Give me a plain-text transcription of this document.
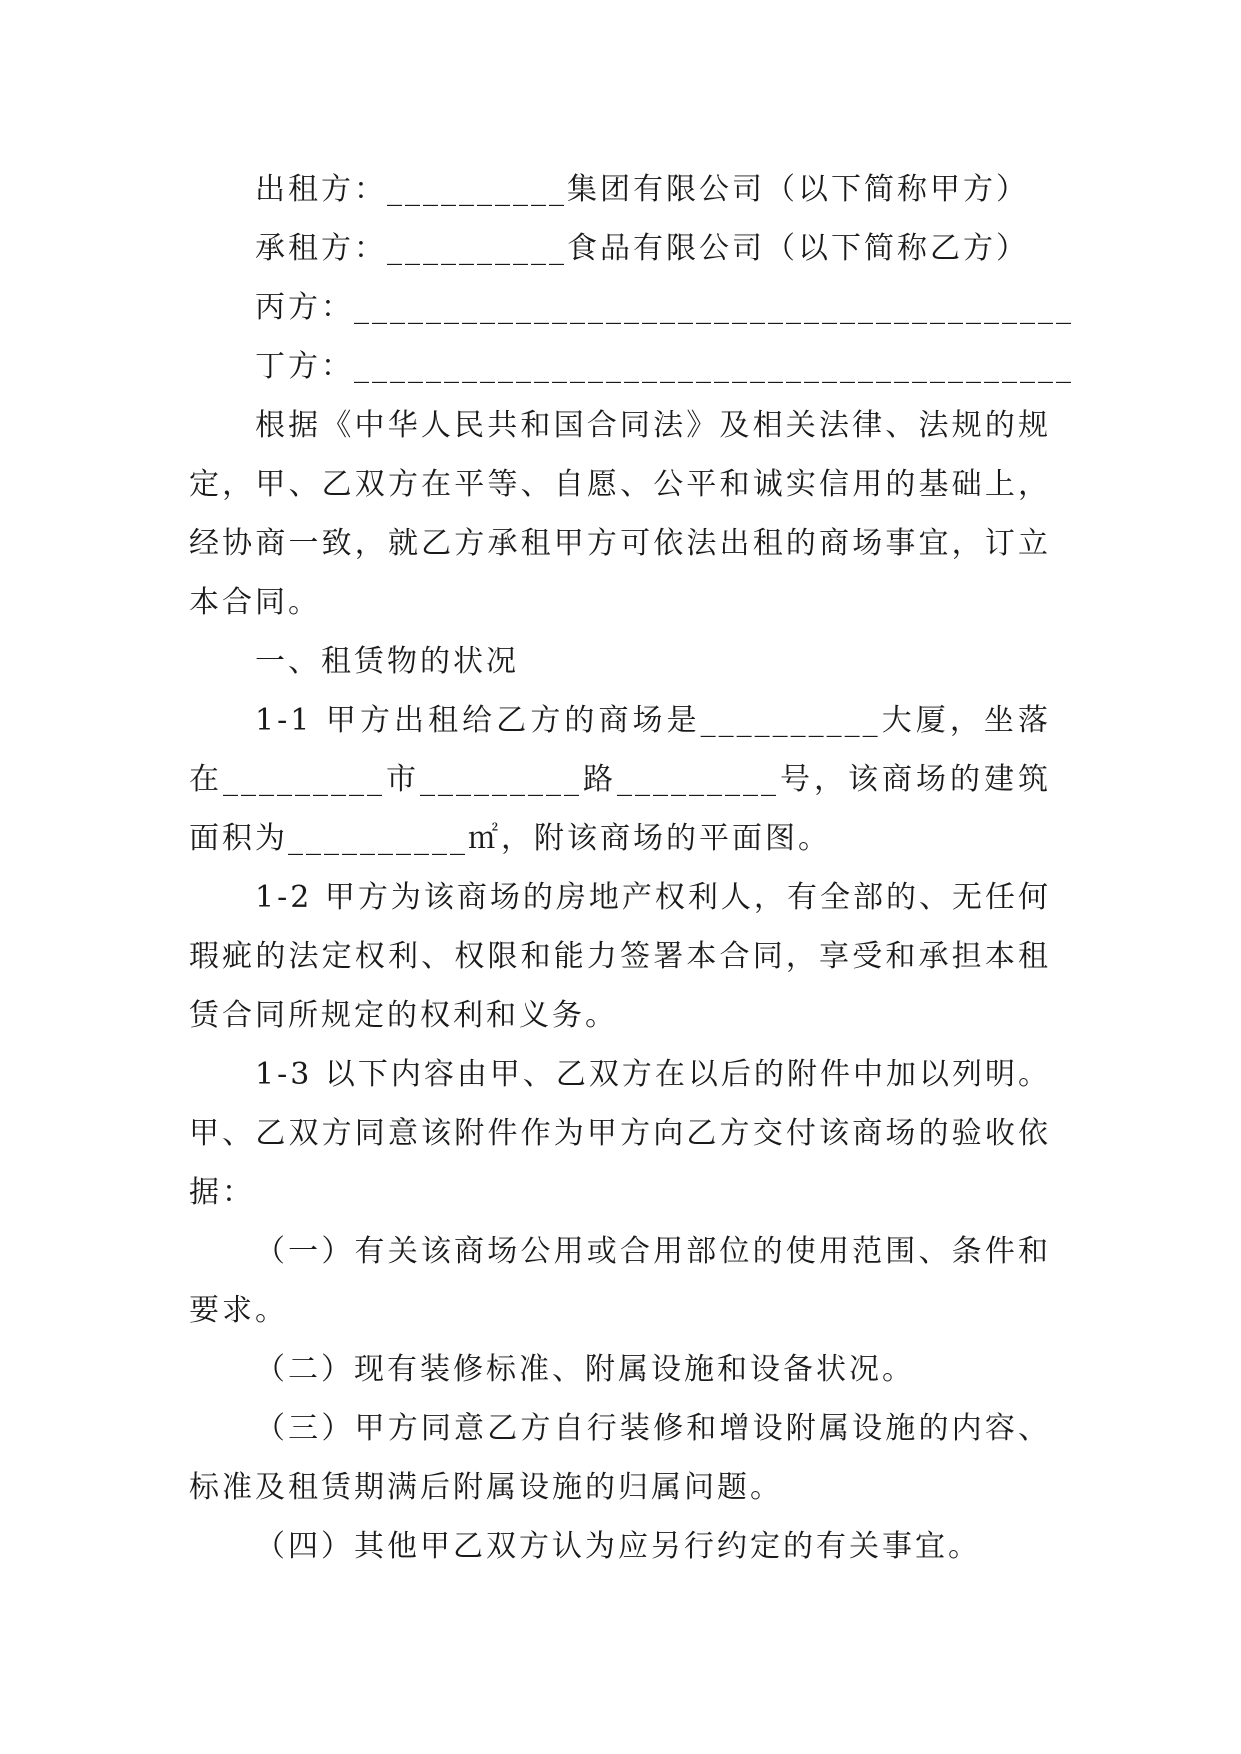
出租方：__________集团有限公司（以下简称甲方）
承租方：__________食品有限公司（以下简称乙方）
丙方：________________________________________
丁方：________________________________________

根据《中华人民共和国合同法》及相关法律、法规的规定，甲、乙双方在平等、自愿、公平和诚实信用的基础上，经协商一致，就乙方承租甲方可依法出租的商场事宜，订立本合同。

一、租赁物的状况

1-1 甲方出租给乙方的商场是__________大厦，坐落在_________市_________路_________号，该商场的建筑面积为__________㎡，附该商场的平面图。

1-2 甲方为该商场的房地产权利人，有全部的、无任何瑕疵的法定权利、权限和能力签署本合同，享受和承担本租赁合同所规定的权利和义务。

1-3 以下内容由甲、乙双方在以后的附件中加以列明。甲、乙双方同意该附件作为甲方向乙方交付该商场的验收依据：

（一）有关该商场公用或合用部位的使用范围、条件和要求。

（二）现有装修标准、附属设施和设备状况。

（三）甲方同意乙方自行装修和增设附属设施的内容、标准及租赁期满后附属设施的归属问题。

（四）其他甲乙双方认为应另行约定的有关事宜。
